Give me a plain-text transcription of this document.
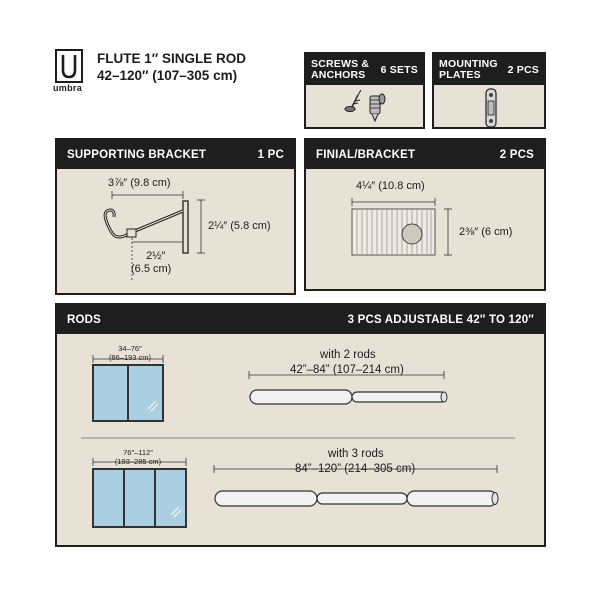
umbra
FLUTE 1″ SINGLE ROD
42–120″ (107–305 cm)
SCREWS &
ANCHORS	6 SETS MOUNTING
PLATES	2 PCS
SUPPORTING BRACKET	1 PC
3⅞″ (9.8 cm)
2¼″ (5.8 cm)
2½″
(6.5 cm)
FINIAL/BRACKET	2 PCS
4¼″ (10.8 cm)
2⅜″ (6 cm)
RODS	3 PCS ADJUSTABLE 42″ TO 120″
34–76″
(86–193 cm)	with 2 rods
42”–84” (107–214 cm)
76″–112″
(193–285 cm)
with 3 rods
84”–120” (214–305 cm)
